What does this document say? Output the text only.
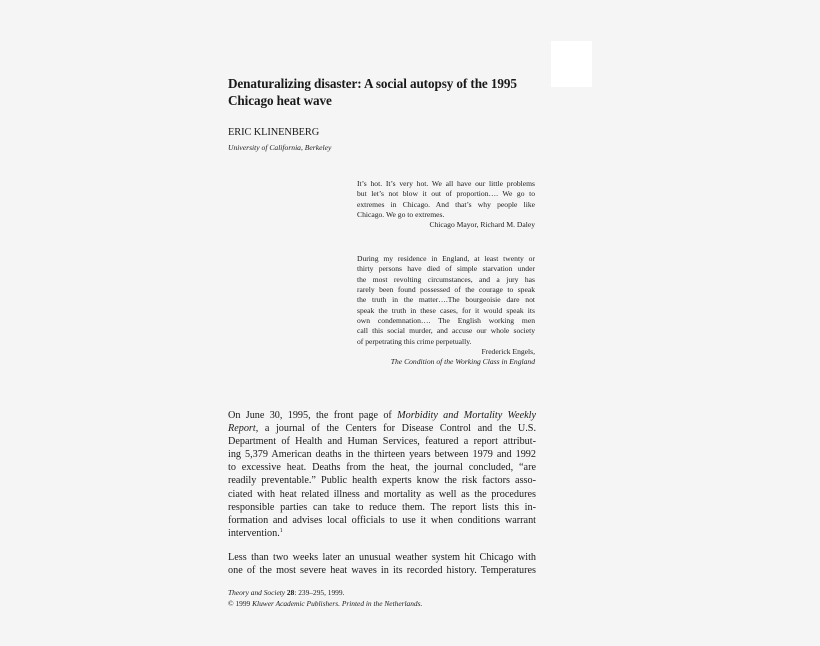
Denaturalizing disaster: A social autopsy of the 1995
Chicago heat wave
ERIC KLINENBERG
University of California, Berkeley
It’s hot. It’s very hot. We all have our little problems
but let’s not blow it out of proportion…. We go to
extremes in Chicago. And that’s why people like
Chicago. We go to extremes.
Chicago Mayor, Richard M. Daley
During my residence in England, at least twenty or
thirty persons have died of simple starvation under
the most revolting circumstances, and a jury has
rarely been found possessed of the courage to speak
the truth in the matter….The bourgeoisie dare not
speak the truth in these cases, for it would speak its
own condemnation…. The English working men
call this social murder, and accuse our whole society
of perpetrating this crime perpetually.
Frederick Engels,
The Condition of the Working Class in England
On June 30, 1995, the front page of Morbidity and Mortality Weekly
Report, a journal of the Centers for Disease Control and the U.S.
Department of Health and Human Services, featured a report attribut-
ing 5,379 American deaths in the thirteen years between 1979 and 1992
to excessive heat. Deaths from the heat, the journal concluded, “are
readily preventable.” Public health experts know the risk factors asso-
ciated with heat related illness and mortality as well as the procedures
responsible parties can take to reduce them. The report lists this in-
formation and advises local officials to use it when conditions warrant
intervention.$^1$
Less than two weeks later an unusual weather system hit Chicago with
one of the most severe heat waves in its recorded history. Temperatures
Theory and Society 28: 239–295, 1999.
© 1999 Kluwer Academic Publishers. Printed in the Netherlands.
